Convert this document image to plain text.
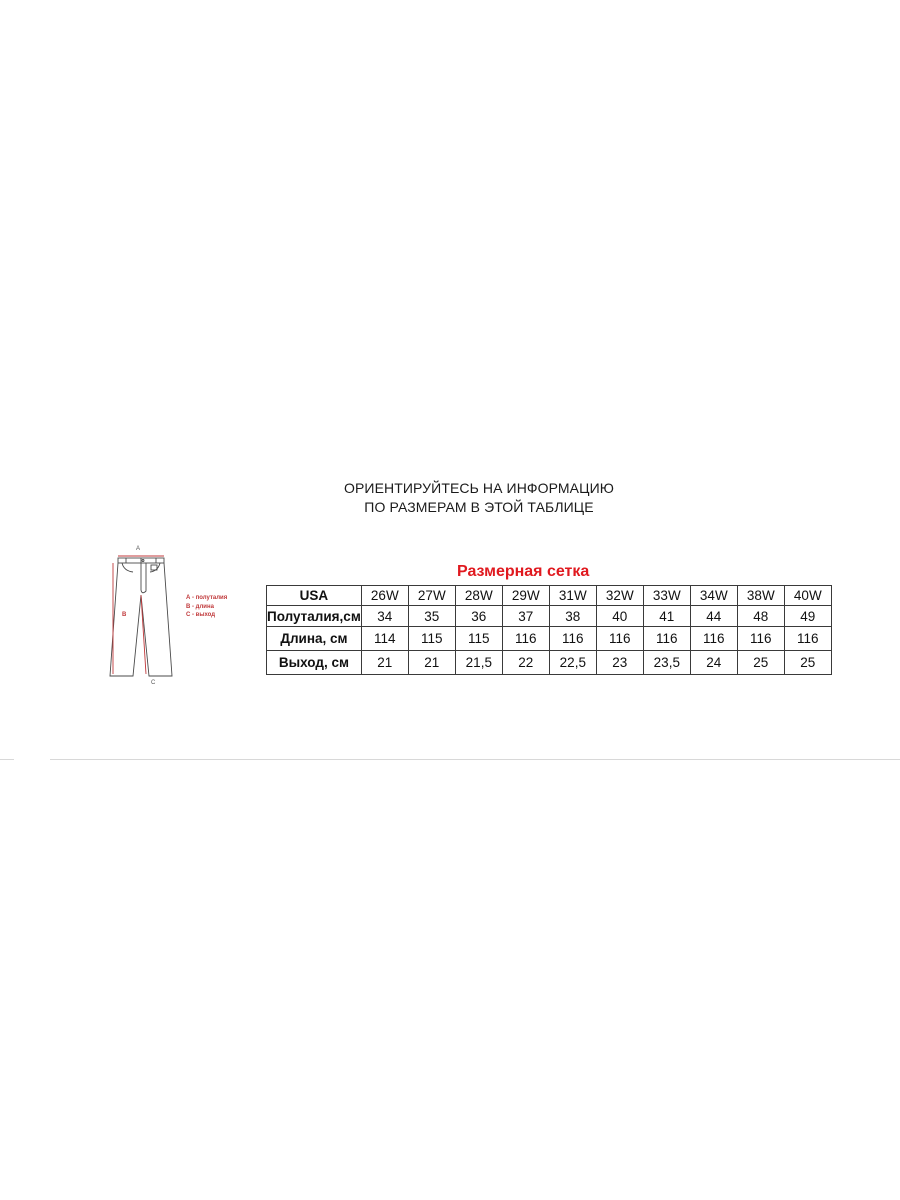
ОРИЕНТИРУЙТЕСЬ НА ИНФОРМАЦИЮ
ПО РАЗМЕРАМ В ЭТОЙ ТАБЛИЦЕ
A
B
C
А - полуталия
В - длина
С - выход
Размерная сетка
USA	26W	27W	28W	29W	31W	32W	33W	34W	38W	40W
Полуталия,см	34	35	36	37	38	40	41	44	48	49
Длина, см	114	115	115	116	116	116	116	116	116	116
Выход, см	21	21	21,5	22	22,5	23	23,5	24	25	25
